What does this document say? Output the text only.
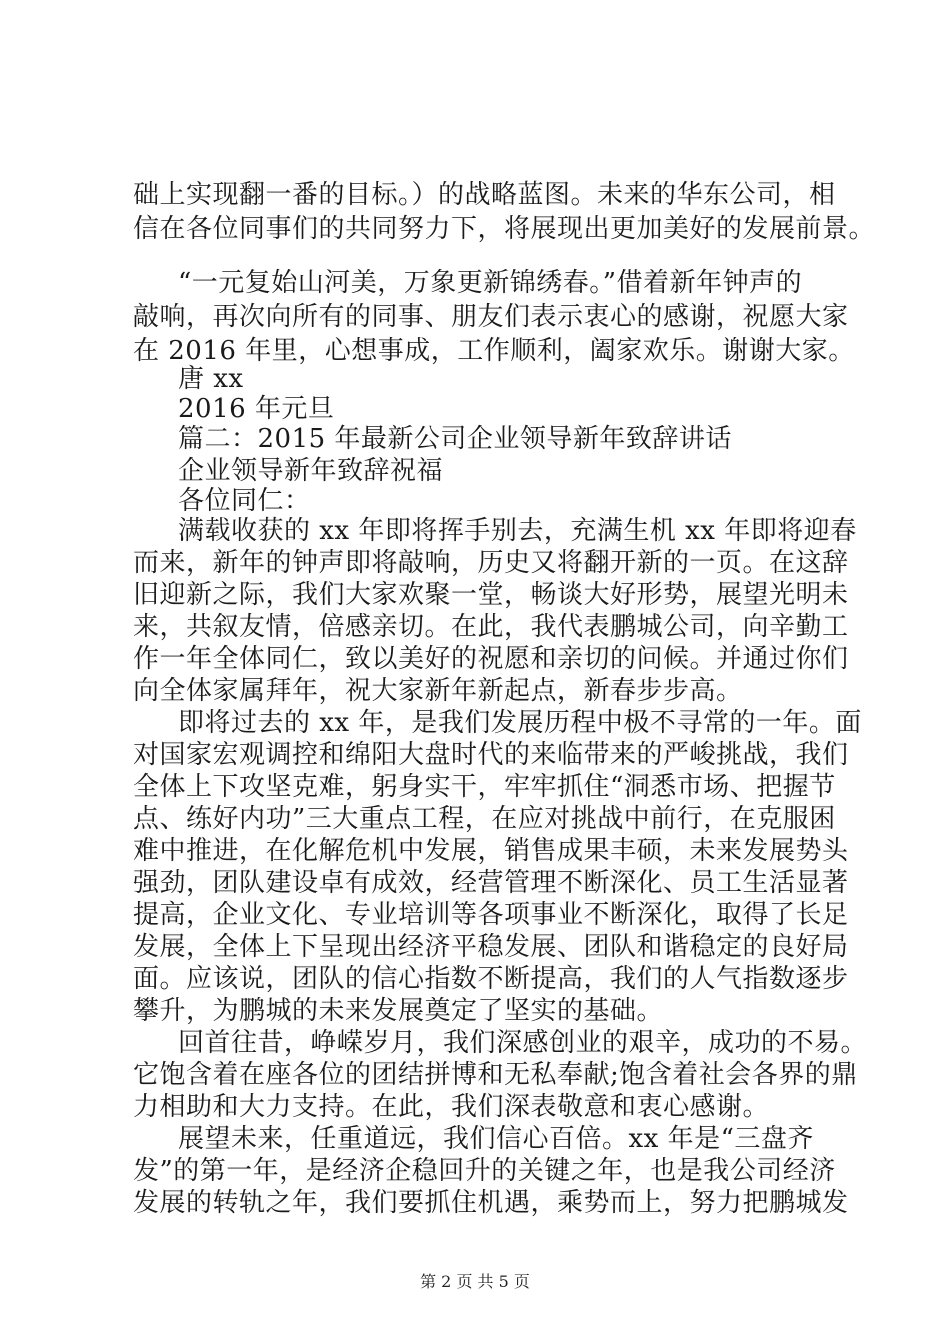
础上实现翻一番的目标。）的战略蓝图。未来的华东公司，相
信在各位同事们的共同努力下，将展现出更加美好的发展前景。
“一元复始山河美，万象更新锦绣春。”借着新年钟声的
敲响，再次向所有的同事、朋友们表示衷心的感谢，祝愿大家
在 2016 年里，心想事成，工作顺利，阖家欢乐。谢谢大家。
唐 xx
2016 年元旦
篇二：2015 年最新公司企业领导新年致辞讲话
企业领导新年致辞祝福
各位同仁：
满载收获的 xx 年即将挥手别去，充满生机 xx 年即将迎春
而来，新年的钟声即将敲响，历史又将翻开新的一页。在这辞
旧迎新之际，我们大家欢聚一堂，畅谈大好形势，展望光明未
来，共叙友情，倍感亲切。在此，我代表鹏城公司，向辛勤工
作一年全体同仁，致以美好的祝愿和亲切的问候。并通过你们
向全体家属拜年，祝大家新年新起点，新春步步高。
即将过去的 xx 年，是我们发展历程中极不寻常的一年。面
对国家宏观调控和绵阳大盘时代的来临带来的严峻挑战，我们
全体上下攻坚克难，躬身实干，牢牢抓住“洞悉市场、把握节
点、练好内功”三大重点工程，在应对挑战中前行，在克服困
难中推进，在化解危机中发展，销售成果丰硕，未来发展势头
强劲，团队建设卓有成效，经营管理不断深化、员工生活显著
提高，企业文化、专业培训等各项事业不断深化，取得了长足
发展，全体上下呈现出经济平稳发展、团队和谐稳定的良好局
面。应该说，团队的信心指数不断提高，我们的人气指数逐步
攀升，为鹏城的未来发展奠定了坚实的基础。
回首往昔，峥嵘岁月，我们深感创业的艰辛，成功的不易。
它饱含着在座各位的团结拼博和无私奉献;饱含着社会各界的鼎
力相助和大力支持。在此，我们深表敬意和衷心感谢。
展望未来，任重道远，我们信心百倍。xx 年是“三盘齐
发”的第一年，是经济企稳回升的关键之年，也是我公司经济
发展的转轨之年，我们要抓住机遇，乘势而上，努力把鹏城发
第 2 页 共 5 页
